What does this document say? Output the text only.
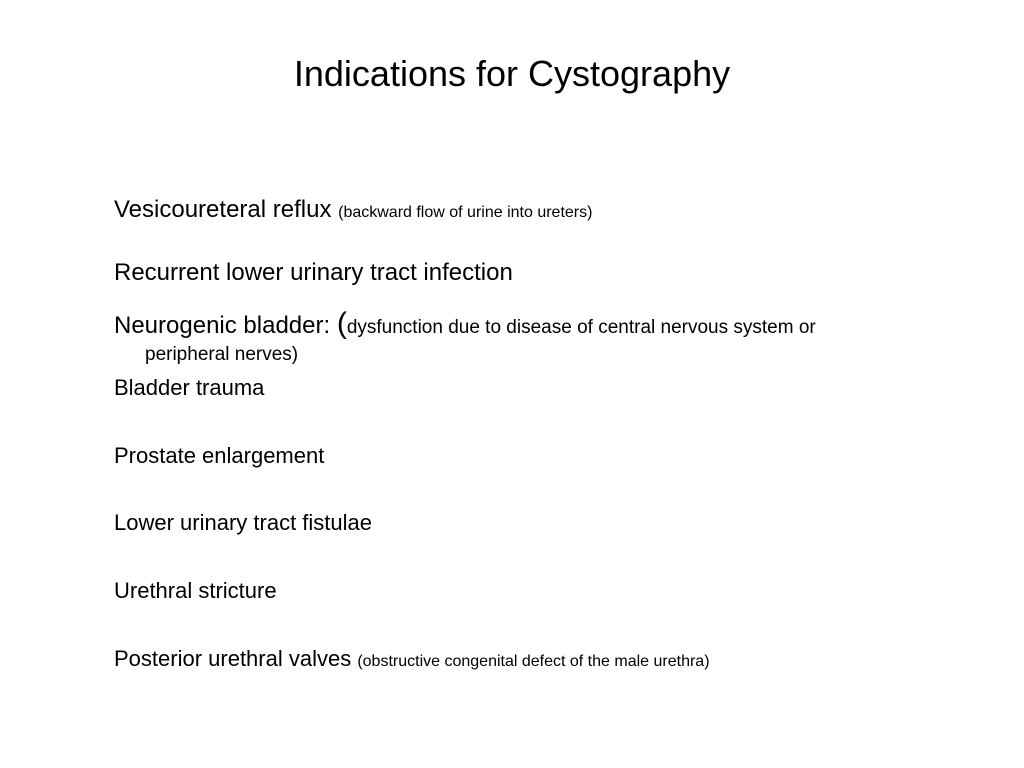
Indications for Cystography
Vesicoureteral reflux (backward flow of urine into ureters)
Recurrent lower urinary tract infection
Neurogenic bladder: (dysfunction due to disease of central nervous system or
peripheral nerves)
Bladder trauma
Prostate enlargement
Lower urinary tract fistulae
Urethral stricture
Posterior urethral valves (obstructive congenital defect of the male urethra)
